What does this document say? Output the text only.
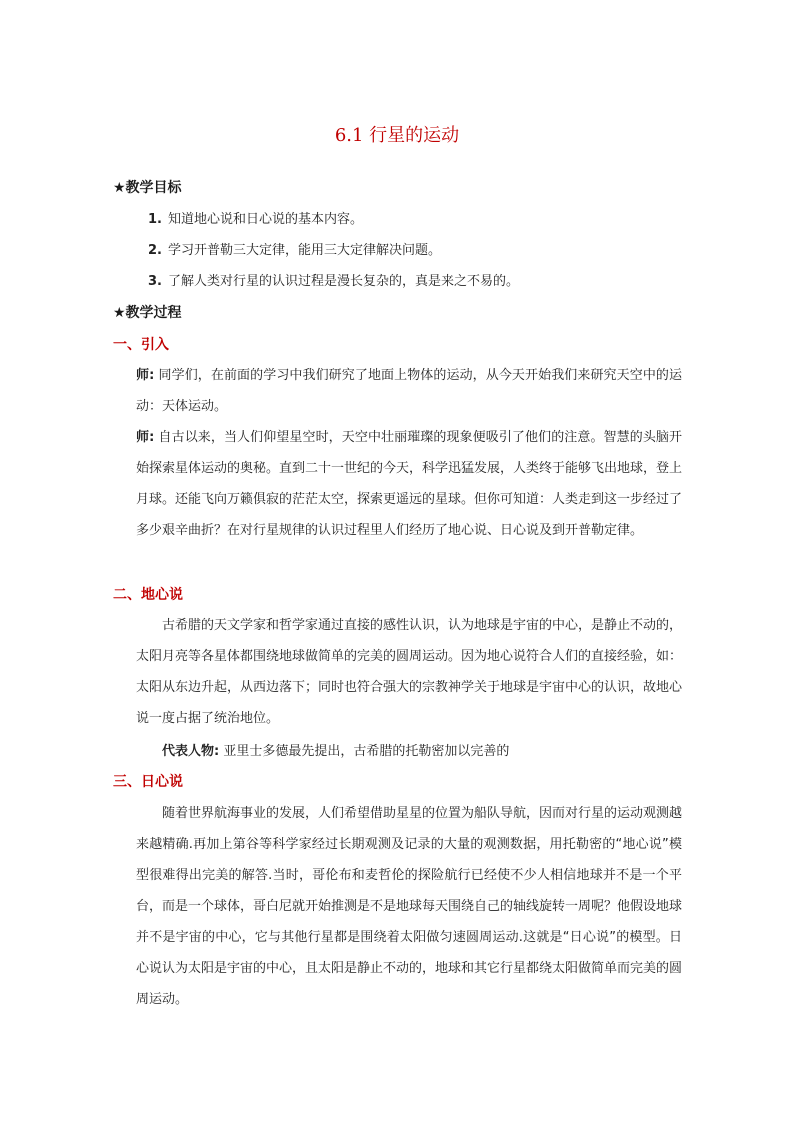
6.1 行星的运动
★教学目标
1. 知道地心说和日心说的基本内容。
2. 学习开普勒三大定律，能用三大定律解决问题。
3. 了解人类对行星的认识过程是漫长复杂的，真是来之不易的。
★教学过程
一、引入
师: 同学们，在前面的学习中我们研究了地面上物体的运动，从今天开始我们来研究天空中的运动：天体运动。
师: 自古以来，当人们仰望星空时，天空中壮丽璀璨的现象便吸引了他们的注意。智慧的头脑开始探索星体运动的奥秘。直到二十一世纪的今天，科学迅猛发展，人类终于能够飞出地球，登上月球。还能飞向万籁俱寂的茫茫太空，探索更遥远的星球。但你可知道：人类走到这一步经过了多少艰辛曲折？在对行星规律的认识过程里人们经历了地心说、日心说及到开普勒定律。
二、地心说
古希腊的天文学家和哲学家通过直接的感性认识，认为地球是宇宙的中心，是静止不动的，太阳月亮等各星体都围绕地球做简单的完美的圆周运动。因为地心说符合人们的直接经验，如：太阳从东边升起，从西边落下；同时也符合强大的宗教神学关于地球是宇宙中心的认识，故地心说一度占据了统治地位。
代表人物: 亚里士多德最先提出，古希腊的托勒密加以完善的
三、日心说
随着世界航海事业的发展，人们希望借助星星的位置为船队导航，因而对行星的运动观测越来越精确.再加上第谷等科学家经过长期观测及记录的大量的观测数据，用托勒密的“地心说”模型很难得出完美的解答.当时，哥伦布和麦哲伦的探险航行已经使不少人相信地球并不是一个平台，而是一个球体，哥白尼就开始推测是不是地球每天围绕自己的轴线旋转一周呢？他假设地球并不是宇宙的中心，它与其他行星都是围绕着太阳做匀速圆周运动.这就是“日心说”的模型。日心说认为太阳是宇宙的中心，且太阳是静止不动的，地球和其它行星都绕太阳做简单而完美的圆周运动。
